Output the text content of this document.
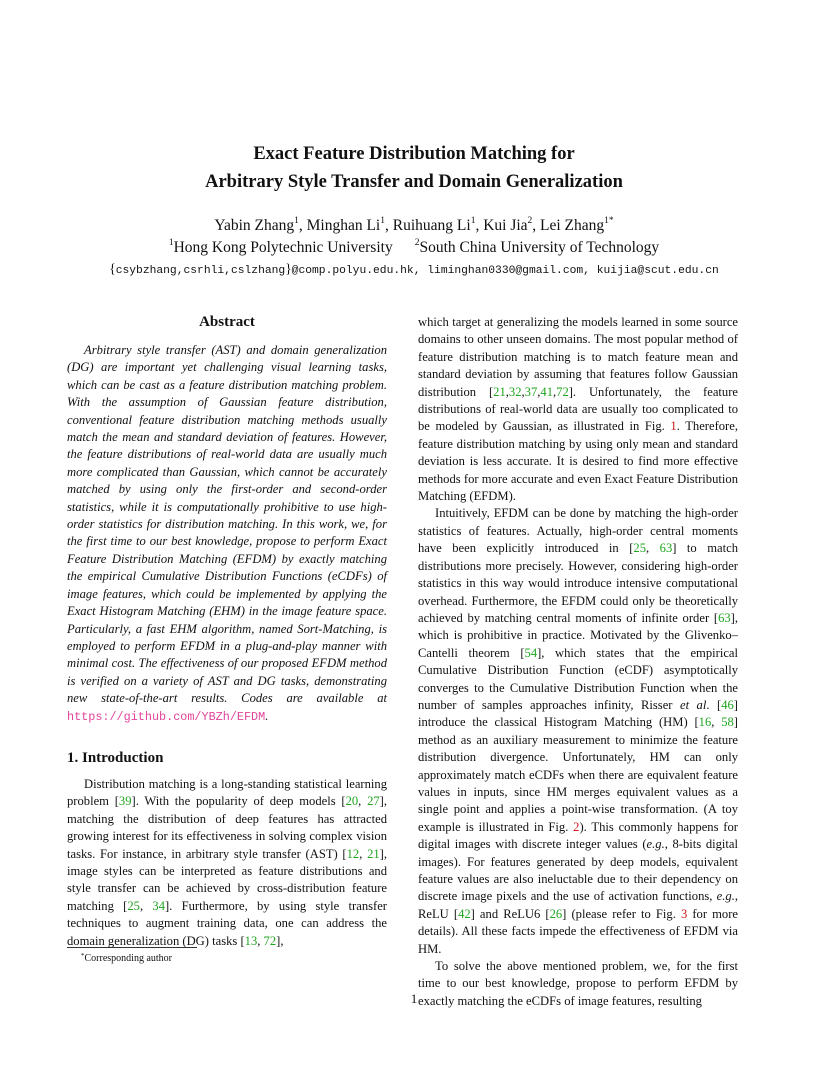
Exact Feature Distribution Matching for
Arbitrary Style Transfer and Domain Generalization
Yabin Zhang$^1$, Minghan Li$^1$, Ruihuang Li$^1$, Kui Jia$^2$, Lei Zhang$^{1*}$
$^1$Hong Kong Polytechnic University $^2$South China University of Technology
{csybzhang,csrhli,cslzhang}@comp.polyu.edu.hk, liminghan0330@gmail.com, kuijia@scut.edu.cn
Abstract

Arbitrary style transfer (AST) and domain generalization (DG) are important yet challenging visual learning tasks, which can be cast as a feature distribution matching problem. With the assumption of Gaussian feature distribution, conventional feature distribution matching methods usually match the mean and standard deviation of features. However, the feature distributions of real-world data are usually much more complicated than Gaussian, which cannot be accurately matched by using only the first-order and second-order statistics, while it is computationally prohibitive to use high-order statistics for distribution matching. In this work, we, for the first time to our best knowledge, propose to perform Exact Feature Distribution Matching (EFDM) by exactly matching the empirical Cumulative Distribution Functions (eCDFs) of image features, which could be implemented by applying the Exact Histogram Matching (EHM) in the image feature space. Particularly, a fast EHM algorithm, named Sort-Matching, is employed to perform EFDM in a plug-and-play manner with minimal cost. The effectiveness of our proposed EFDM method is verified on a variety of AST and DG tasks, demonstrating new state-of-the-art results. Codes are available at https://github.com/YBZh/EFDM.

1. Introduction

Distribution matching is a long-standing statistical learning problem [39]. With the popularity of deep models [20, 27], matching the distribution of deep features has attracted growing interest for its effectiveness in solving complex vision tasks. For instance, in arbitrary style transfer (AST) [12, 21], image styles can be interpreted as feature distributions and style transfer can be achieved by cross-distribution feature matching [25, 34]. Furthermore, by using style transfer techniques to augment training data, one can address the domain generalization (DG) tasks [13, 72],

*Corresponding author

which target at generalizing the models learned in some source domains to other unseen domains. The most popular method of feature distribution matching is to match feature mean and standard deviation by assuming that features follow Gaussian distribution [21,32,37,41,72]. Unfortunately, the feature distributions of real-world data are usually too complicated to be modeled by Gaussian, as illustrated in Fig. 1. Therefore, feature distribution matching by using only mean and standard deviation is less accurate. It is desired to find more effective methods for more accurate and even Exact Feature Distribution Matching (EFDM).

Intuitively, EFDM can be done by matching the high-order statistics of features. Actually, high-order central moments have been explicitly introduced in [25, 63] to match distributions more precisely. However, considering high-order statistics in this way would introduce intensive computational overhead. Furthermore, the EFDM could only be theoretically achieved by matching central moments of infinite order [63], which is prohibitive in practice. Motivated by the Glivenko–Cantelli theorem [54], which states that the empirical Cumulative Distribution Function (eCDF) asymptotically converges to the Cumulative Distribution Function when the number of samples approaches infinity, Risser et al. [46] introduce the classical Histogram Matching (HM) [16, 58] method as an auxiliary measurement to minimize the feature distribution divergence. Unfortunately, HM can only approximately match eCDFs when there are equivalent feature values in inputs, since HM merges equivalent values as a single point and applies a point-wise transformation. (A toy example is illustrated in Fig. 2). This commonly happens for digital images with discrete integer values (e.g., 8-bits digital images). For features generated by deep models, equivalent feature values are also ineluctable due to their dependency on discrete image pixels and the use of activation functions, e.g., ReLU [42] and ReLU6 [26] (please refer to Fig. 3 for more details). All these facts impede the effectiveness of EFDM via HM.

To solve the above mentioned problem, we, for the first time to our best knowledge, propose to perform EFDM by exactly matching the eCDFs of image features, resulting

1
